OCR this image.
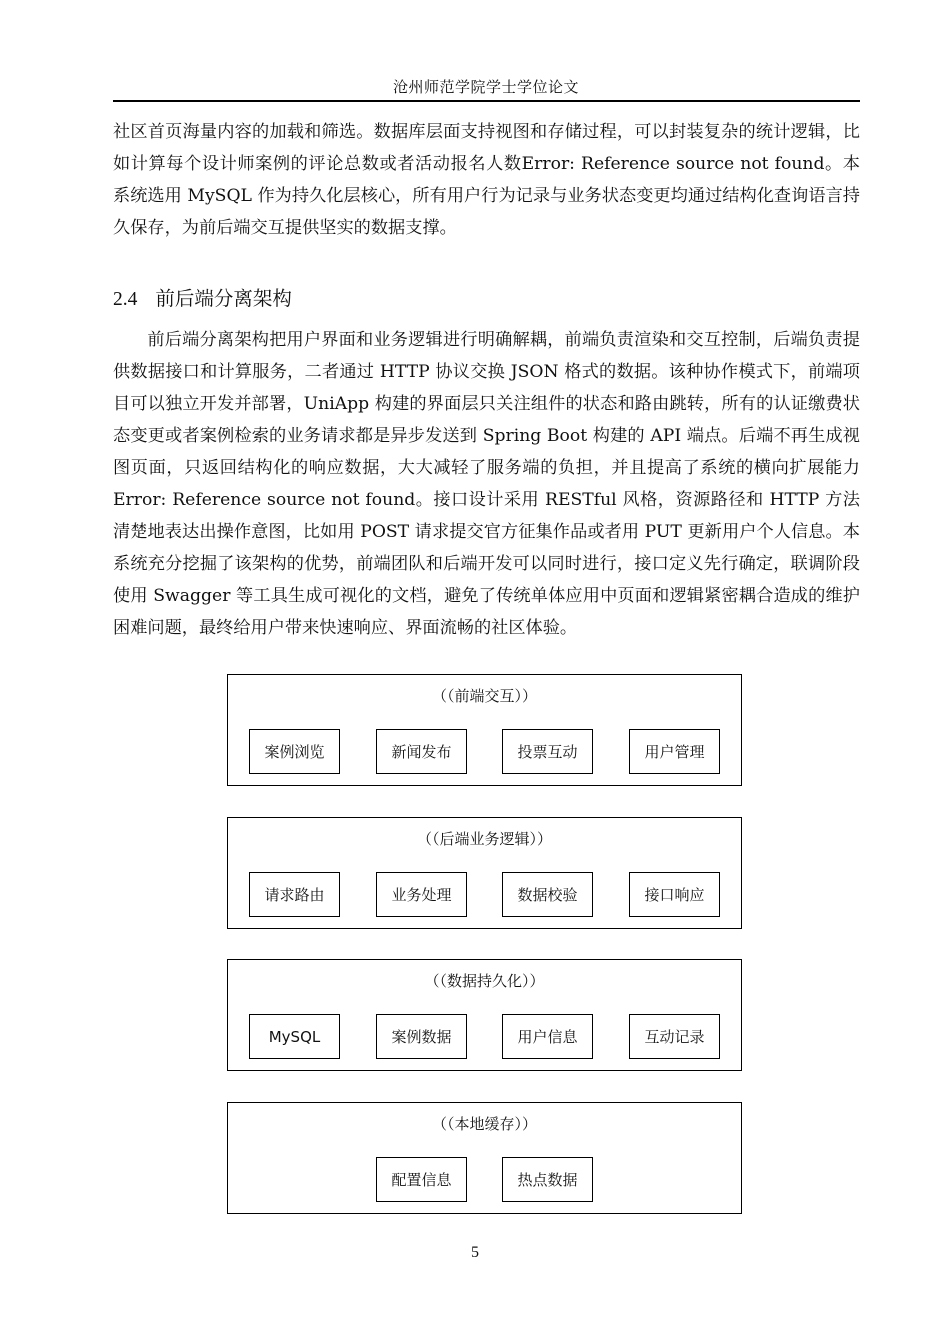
沧州师范学院学士学位论文

社区首页海量内容的加载和筛选。数据库层面支持视图和存储过程，可以封装复杂的统计逻辑，比如计算每个设计师案例的评论总数或者活动报名人数Error: Reference source not found。本系统选用 MySQL 作为持久化层核心，所有用户行为记录与业务状态变更均通过结构化查询语言持久保存，为前后端交互提供坚实的数据支撑。

2.4 前后端分离架构

前后端分离架构把用户界面和业务逻辑进行明确解耦，前端负责渲染和交互控制，后端负责提供数据接口和计算服务，二者通过 HTTP 协议交换 JSON 格式的数据。该种协作模式下，前端项目可以独立开发并部署，UniApp 构建的界面层只关注组件的状态和路由跳转，所有的认证缴费状态变更或者案例检索的业务请求都是异步发送到 Spring Boot 构建的 API 端点。后端不再生成视图页面，只返回结构化的响应数据，大大减轻了服务端的负担，并且提高了系统的横向扩展能力Error: Reference source not found。接口设计采用 RESTful 风格，资源路径和 HTTP 方法清楚地表达出操作意图，比如用 POST 请求提交官方征集作品或者用 PUT 更新用户个人信息。本系统充分挖掘了该架构的优势，前端团队和后端开发可以同时进行，接口定义先行确定，联调阶段使用 Swagger 等工具生成可视化的文档，避免了传统单体应用中页面和逻辑紧密耦合造成的维护困难问题，最终给用户带来快速响应、界面流畅的社区体验。

（（前端交互））
案例浏览	新闻发布	投票互动	用户管理
（（后端业务逻辑））
请求路由	业务处理	数据校验	接口响应
（（数据持久化））
MySQL	案例数据	用户信息	互动记录
（（本地缓存））
配置信息	热点数据
5
